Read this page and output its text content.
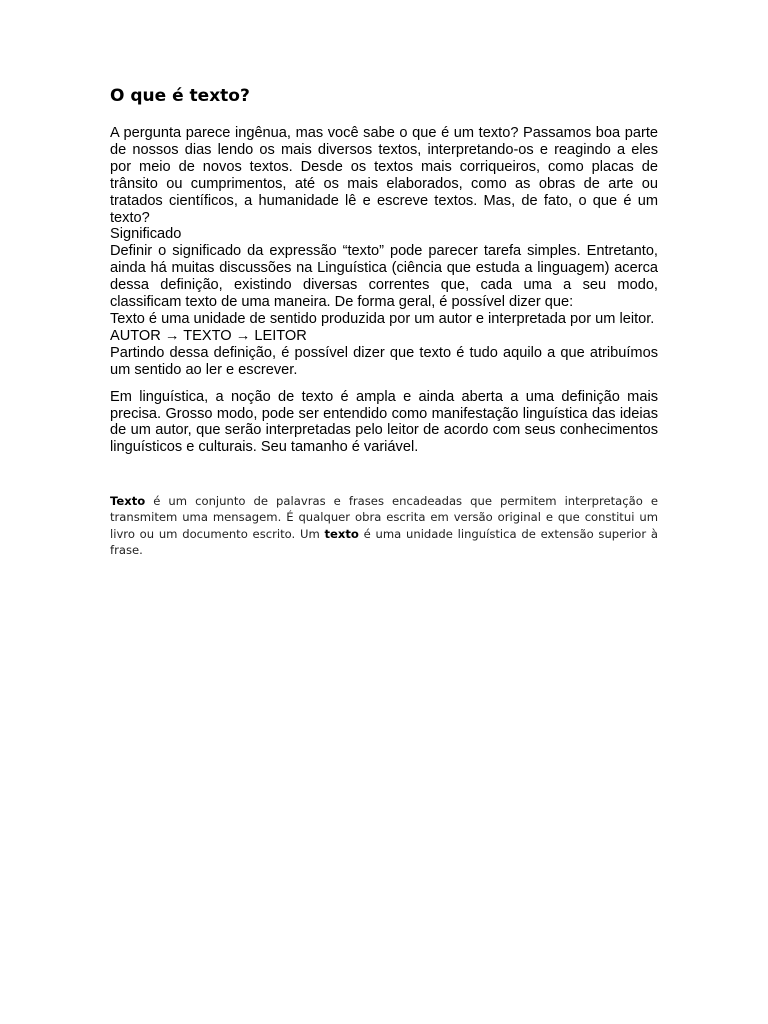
O que é texto?

A pergunta parece ingênua, mas você sabe o que é um texto? Passamos boa parte de nossos dias lendo os mais diversos textos, interpretando-os e reagindo a eles por meio de novos textos. Desde os textos mais corriqueiros, como placas de trânsito ou cumprimentos, até os mais elaborados, como as obras de arte ou tratados científicos, a humanidade lê e escreve textos. Mas, de fato, o que é um texto?

Significado

Definir o significado da expressão “texto” pode parecer tarefa simples. Entretanto, ainda há muitas discussões na Linguística (ciência que estuda a linguagem) acerca dessa definição, existindo diversas correntes que, cada uma a seu modo, classificam texto de uma maneira. De forma geral, é possível dizer que:

Texto é uma unidade de sentido produzida por um autor e interpretada por um leitor.

AUTOR → TEXTO → LEITOR

Partindo dessa definição, é possível dizer que texto é tudo aquilo a que atribuímos um sentido ao ler e escrever.

Em linguística, a noção de texto é ampla e ainda aberta a uma definição mais precisa. Grosso modo, pode ser entendido como manifestação linguística das ideias de um autor, que serão interpretadas pelo leitor de acordo com seus conhecimentos linguísticos e culturais. Seu tamanho é variável.

Texto é um conjunto de palavras e frases encadeadas que permitem interpretação e transmitem uma mensagem. É qualquer obra escrita em versão original e que constitui um livro ou um documento escrito. Um texto é uma unidade linguística de extensão superior à frase.
